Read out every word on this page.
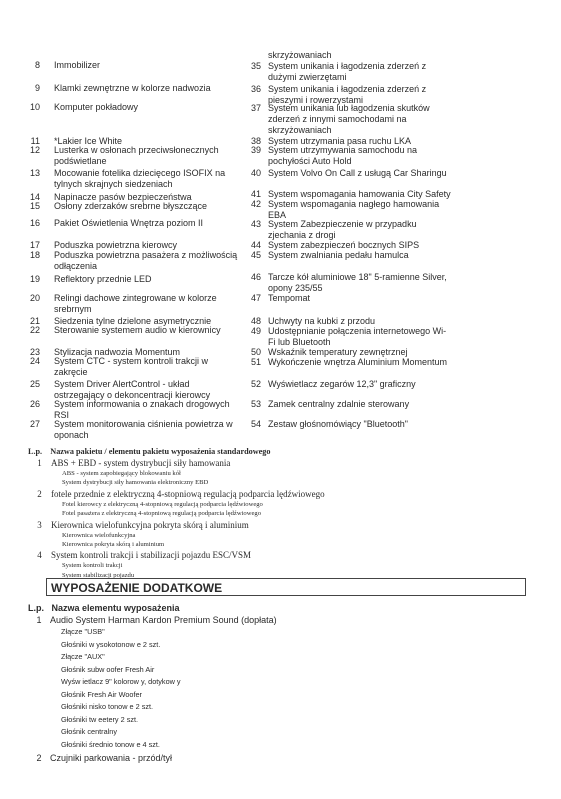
8 Immobilizer
9 Klamki zewnętrzne w kolorze nadwozia
10 Komputer pokładowy
11 *Lakier Ice White
12 Lusterka w osłonach przeciwsłonecznych
podświetlane
13 Mocowanie fotelika dziecięcego ISOFIX na
tylnych skrajnych siedzeniach
14 Napinacze pasów bezpieczeństwa
15 Osłony zderzaków srebrne błyszczące
16 Pakiet Oświetlenia Wnętrza poziom II
17 Poduszka powietrzna kierowcy
18 Poduszka powietrzna pasażera z możliwością
odłączenia
19 Reflektory przednie LED
20 Relingi dachowe zintegrowane w kolorze
srebrnym
21 Siedzenia tylne dzielone asymetrycznie
22 Sterowanie systemem audio w kierownicy
23 Stylizacja nadwozia Momentum
24 System CTC - system kontroli trakcji w
zakręcie
25 System Driver AlertControl - układ
ostrzegający o dekoncentracji kierowcy
26 System informowania o znakach drogowych
RSI
27 System monitorowania ciśnienia powietrza w
oponach
skrzyżowaniach
35 System unikania i łagodzenia zderzeń z
dużymi zwierzętami
36 System unikania i łagodzenia zderzeń z
pieszymi i rowerzystami
37 System unikania lub łagodzenia skutków
zderzeń z innymi samochodami na
skrzyżowaniach
38 System utrzymania pasa ruchu LKA
39 System utrzymywania samochodu na
pochyłości Auto Hold
40 System Volvo On Call z usługą Car Sharingu
41 System wspomagania hamowania City Safety
42 System wspomagania nagłego hamowania
EBA
43 System Zabezpieczenie w przypadku
zjechania z drogi
44 System zabezpieczeń bocznych SIPS
45 System zwalniania pedału hamulca
46 Tarcze kół aluminiowe 18" 5-ramienne Silver,
opony 235/55
47 Tempomat
48 Uchwyty na kubki z przodu
49 Udostępnianie połączenia internetowego Wi-
Fi lub Bluetooth
50 Wskaźnik temperatury zewnętrznej
51 Wykończenie wnętrza Aluminium Momentum
52 Wyświetlacz zegarów 12,3" graficzny
53 Zamek centralny zdalnie sterowany
54 Zestaw głośnomówiący "Bluetooth"
L.p. Nazwa pakietu / elementu pakietu wyposażenia standardowego
1 ABS + EBD - system dystrybucji siły hamowania
ABS - system zapobiegający blokowaniu kół
System dystrybucji siły hamowania elektroniczny EBD
2 fotele przednie z elektryczną 4-stopniową regulacją podparcia lędźwiowego
Fotel kierowcy z elektryczną 4-stopniową regulacją podparcia lędźwiowego
Fotel pasażera z elektryczną 4-stopniową regulacją podparcia lędźwiowego
3 Kierownica wielofunkcyjna pokryta skórą i aluminium
Kierownica wielofunkcyjna
Kierownica pokryta skórą i aluminium
4 System kontroli trakcji i stabilizacji pojazdu ESC/VSM
System kontroli trakcji
System stabilizacji pojazdu
WYPOSAŻENIE DODATKOWE
L.p. Nazwa elementu wyposażenia
1 Audio System Harman Kardon Premium Sound (dopłata)
Złącze "USB"
Głośniki w ysokotonow e 2 szt.
Złącze "AUX"
Głośnik subw oofer Fresh Air
Wyśw ietlacz 9" kolorow y, dotykow y
Głośnik Fresh Air Woofer
Głośniki nisko tonow e 2 szt.
Głośniki tw eetery 2 szt.
Głośnik centralny
Głośniki średnio tonow e 4 szt.
2 Czujniki parkowania - przód/tył
